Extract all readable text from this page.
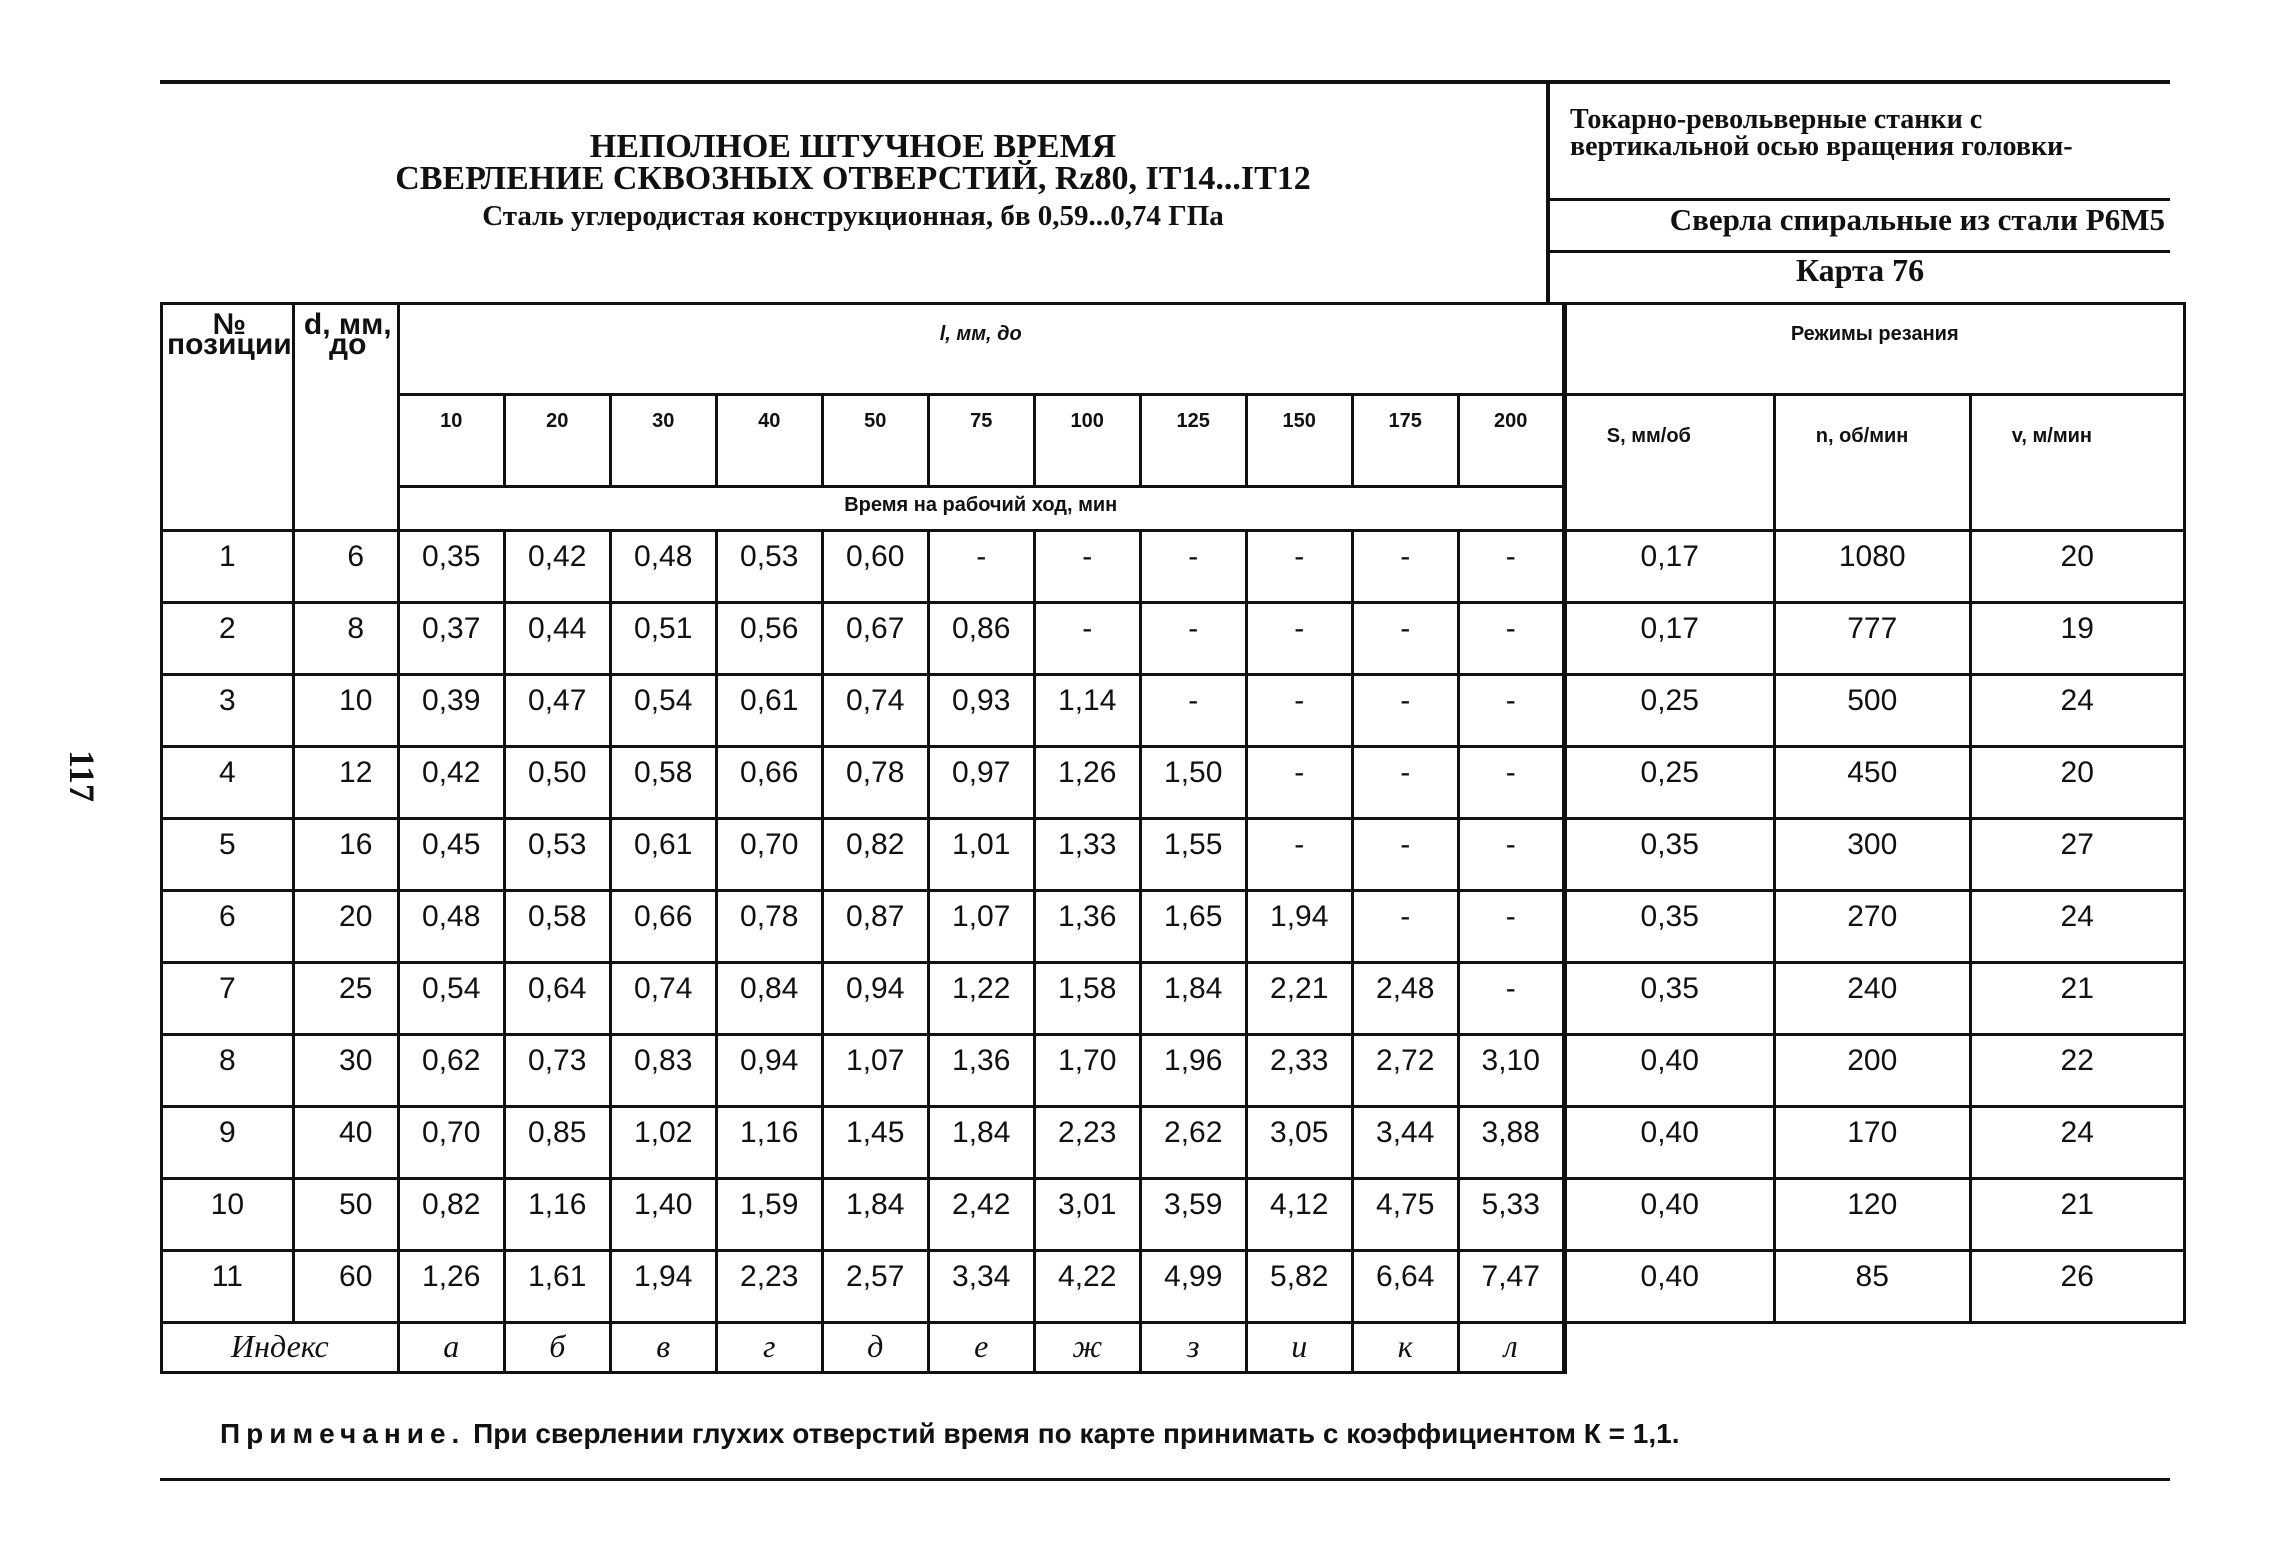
117
НЕПОЛНОЕ ШТУЧНОЕ ВРЕМЯ
СВЕРЛЕНИЕ СКВОЗНЫХ ОТВЕРСТИЙ, Rz80, IT14...IT12
Сталь углеродистая конструкционная, бв 0,59...0,74 ГПа
Токарно-револьверные станки с вертикальной осью вращения головки-
Сверла спиральные из стали Р6М5
Карта 76
№ позиции	d, мм, до	l, мм, до											Режимы резания		
		10	20	30	40	50	75	100	125	150	175	200	S, мм/об	n, об/мин	v, м/мин
		Время на рабочий ход, мин													
1	6	0,35	0,42	0,48	0,53	0,60	-	-	-	-	-	-	0,17	1080	20
2	8	0,37	0,44	0,51	0,56	0,67	0,86	-	-	-	-	-	0,17	777	19
3	10	0,39	0,47	0,54	0,61	0,74	0,93	1,14	-	-	-	-	0,25	500	24
4	12	0,42	0,50	0,58	0,66	0,78	0,97	1,26	1,50	-	-	-	0,25	450	20
5	16	0,45	0,53	0,61	0,70	0,82	1,01	1,33	1,55	-	-	-	0,35	300	27
6	20	0,48	0,58	0,66	0,78	0,87	1,07	1,36	1,65	1,94	-	-	0,35	270	24
7	25	0,54	0,64	0,74	0,84	0,94	1,22	1,58	1,84	2,21	2,48	-	0,35	240	21
8	30	0,62	0,73	0,83	0,94	1,07	1,36	1,70	1,96	2,33	2,72	3,10	0,40	200	22
9	40	0,70	0,85	1,02	1,16	1,45	1,84	2,23	2,62	3,05	3,44	3,88	0,40	170	24
10	50	0,82	1,16	1,40	1,59	1,84	2,42	3,01	3,59	4,12	4,75	5,33	0,40	120	21
11	60	1,26	1,61	1,94	2,23	2,57	3,34	4,22	4,99	5,82	6,64	7,47	0,40	85	26
Индекс		а	б	в	г	д	е	ж	з	и	к	л			
Примечание. При сверлении глухих отверстий время по карте принимать с коэффициентом К = 1,1.
